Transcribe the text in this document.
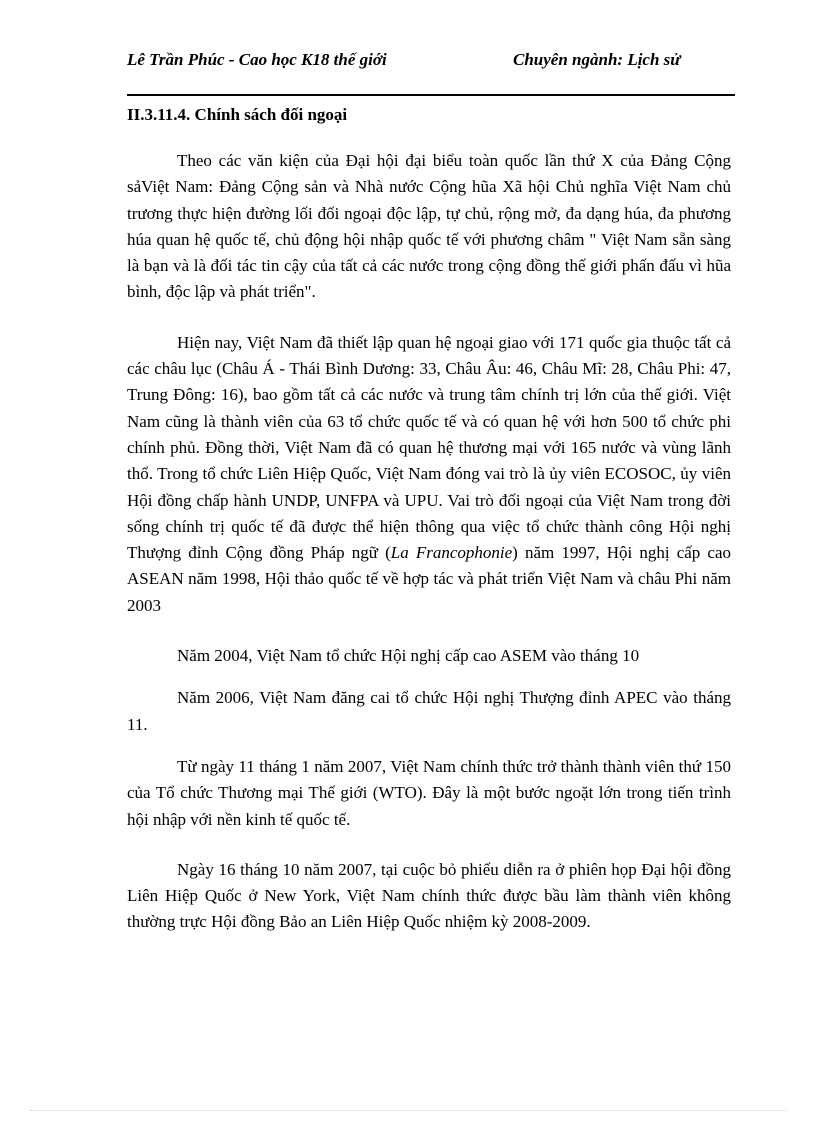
Lê Trần Phúc - Cao học K18 thế giới	Chuyên ngành: Lịch sử
II.3.11.4. Chính sách đối ngoại

Theo các văn kiện của Đại hội đại biểu toàn quốc lần thứ X của Đảng Cộng sảViệt Nam: Đảng Cộng sản và Nhà nước Cộng hũa Xã hội Chủ nghĩa Việt Nam chủ trương thực hiện đường lối đối ngoại độc lập, tự chủ, rộng mở, đa dạng húa, đa phương húa quan hệ quốc tế, chủ động hội nhập quốc tế với phương châm " Việt Nam sẵn sàng là bạn và là đối tác tin cậy của tất cả các nước trong cộng đồng thế giới phấn đấu vì hũa bình, độc lập và phát triển".

Hiện nay, Việt Nam đã thiết lập quan hệ ngoại giao với 171 quốc gia thuộc tất cả các châu lục (Châu Á - Thái Bình Dương: 33, Châu Âu: 46, Châu Mĩ: 28, Châu Phi: 47, Trung Đông: 16), bao gồm tất cả các nước và trung tâm chính trị lớn của thế giới. Việt Nam cũng là thành viên của 63 tổ chức quốc tế và có quan hệ với hơn 500 tổ chức phi chính phủ. Đồng thời, Việt Nam đã có quan hệ thương mại với 165 nước và vùng lãnh thổ. Trong tổ chức Liên Hiệp Quốc, Việt Nam đóng vai trò là ủy viên ECOSOC, ủy viên Hội đồng chấp hành UNDP, UNFPA và UPU. Vai trò đối ngoại của Việt Nam trong đời sống chính trị quốc tế đã được thể hiện thông qua việc tổ chức thành công Hội nghị Thượng đỉnh Cộng đồng Pháp ngữ (La Francophonie) năm 1997, Hội nghị cấp cao ASEAN năm 1998, Hội thảo quốc tế về hợp tác và phát triển Việt Nam và châu Phi năm 2003

Năm 2004, Việt Nam tổ chức Hội nghị cấp cao ASEM vào tháng 10

Năm 2006, Việt Nam đăng cai tổ chức Hội nghị Thượng đỉnh APEC vào tháng 11.

Từ ngày 11 tháng 1 năm 2007, Việt Nam chính thức trở thành thành viên thứ 150 của Tổ chức Thương mại Thế giới (WTO). Đây là một bước ngoặt lớn trong tiến trình hội nhập với nền kinh tế quốc tế.

Ngày 16 tháng 10 năm 2007, tại cuộc bỏ phiếu diễn ra ở phiên họp Đại hội đồng Liên Hiệp Quốc ở New York, Việt Nam chính thức được bầu làm thành viên không thường trực Hội đồng Bảo an Liên Hiệp Quốc nhiệm kỳ 2008-2009.
